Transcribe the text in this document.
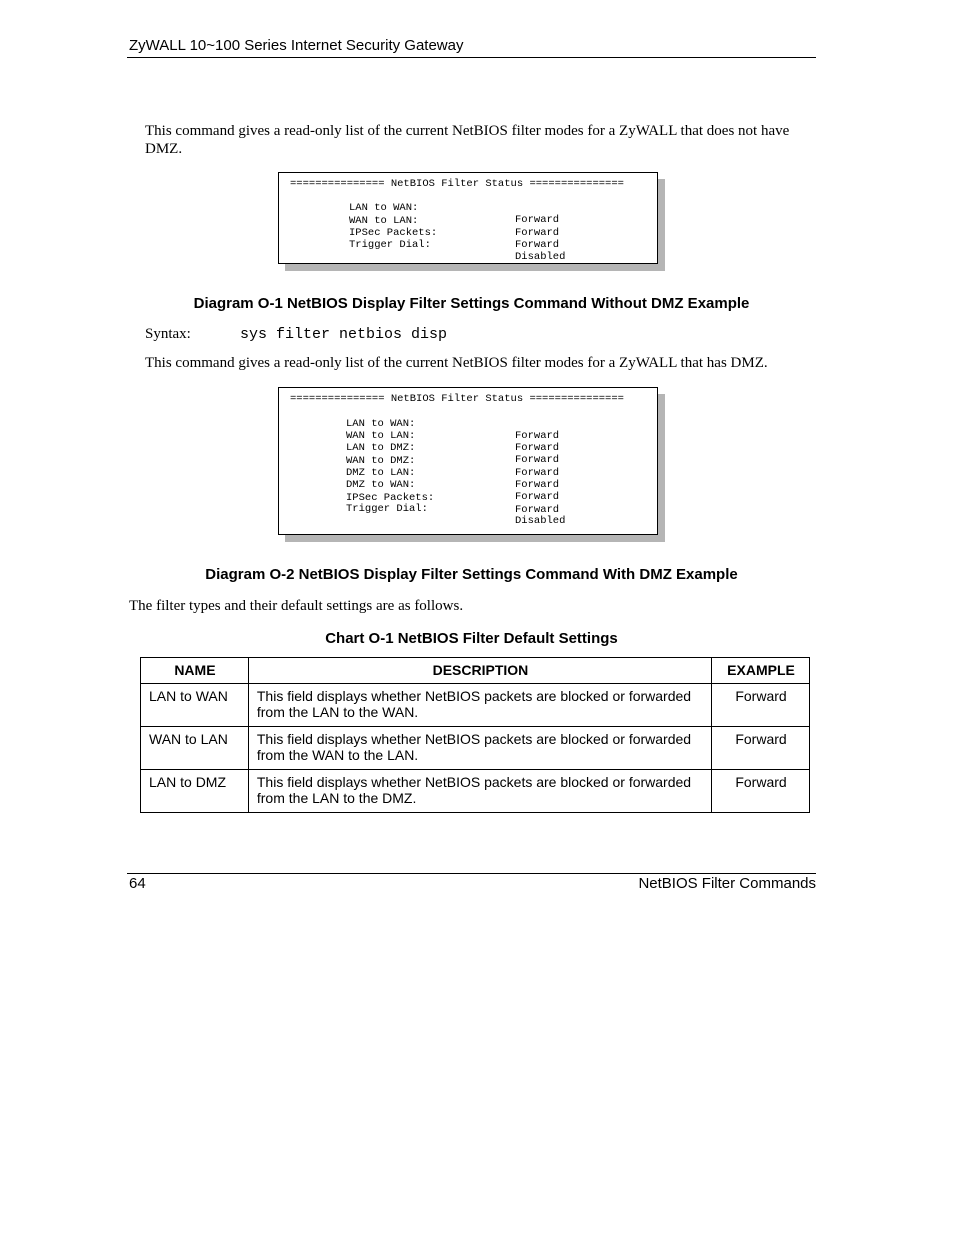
ZyWALL 10~100 Series Internet Security Gateway
This command gives a read-only list of the current NetBIOS filter modes for a ZyWALL that does not have DMZ.
=============== NetBIOS Filter Status ===============

LAN to WAN:

Forward

WAN to LAN:

Forward

IPSec Packets:

Forward

Trigger Dial:

Disabled

Diagram O-1 NetBIOS Display Filter Settings Command Without DMZ Example
Syntax:	sys filter netbios disp
This command gives a read-only list of the current NetBIOS filter modes for a ZyWALL that has DMZ.
=============== NetBIOS Filter Status ===============

LAN to WAN:

Forward

WAN to LAN:

Forward

LAN to DMZ:

Forward

WAN to DMZ:

Forward

DMZ to LAN:

Forward

DMZ to WAN:

Forward

IPSec Packets:

Forward

Trigger Dial:

Disabled

Diagram O-2 NetBIOS Display Filter Settings Command With DMZ Example
The filter types and their default settings are as follows.
Chart O-1 NetBIOS Filter Default Settings
NAME	DESCRIPTION	EXAMPLE
LAN to WAN	This field displays whether NetBIOS packets are blocked or forwarded from the LAN to the WAN.	Forward
WAN to LAN	This field displays whether NetBIOS packets are blocked or forwarded from the WAN to the LAN.	Forward
LAN to DMZ	This field displays whether NetBIOS packets are blocked or forwarded from the LAN to the DMZ.	Forward
64	NetBIOS Filter Commands
